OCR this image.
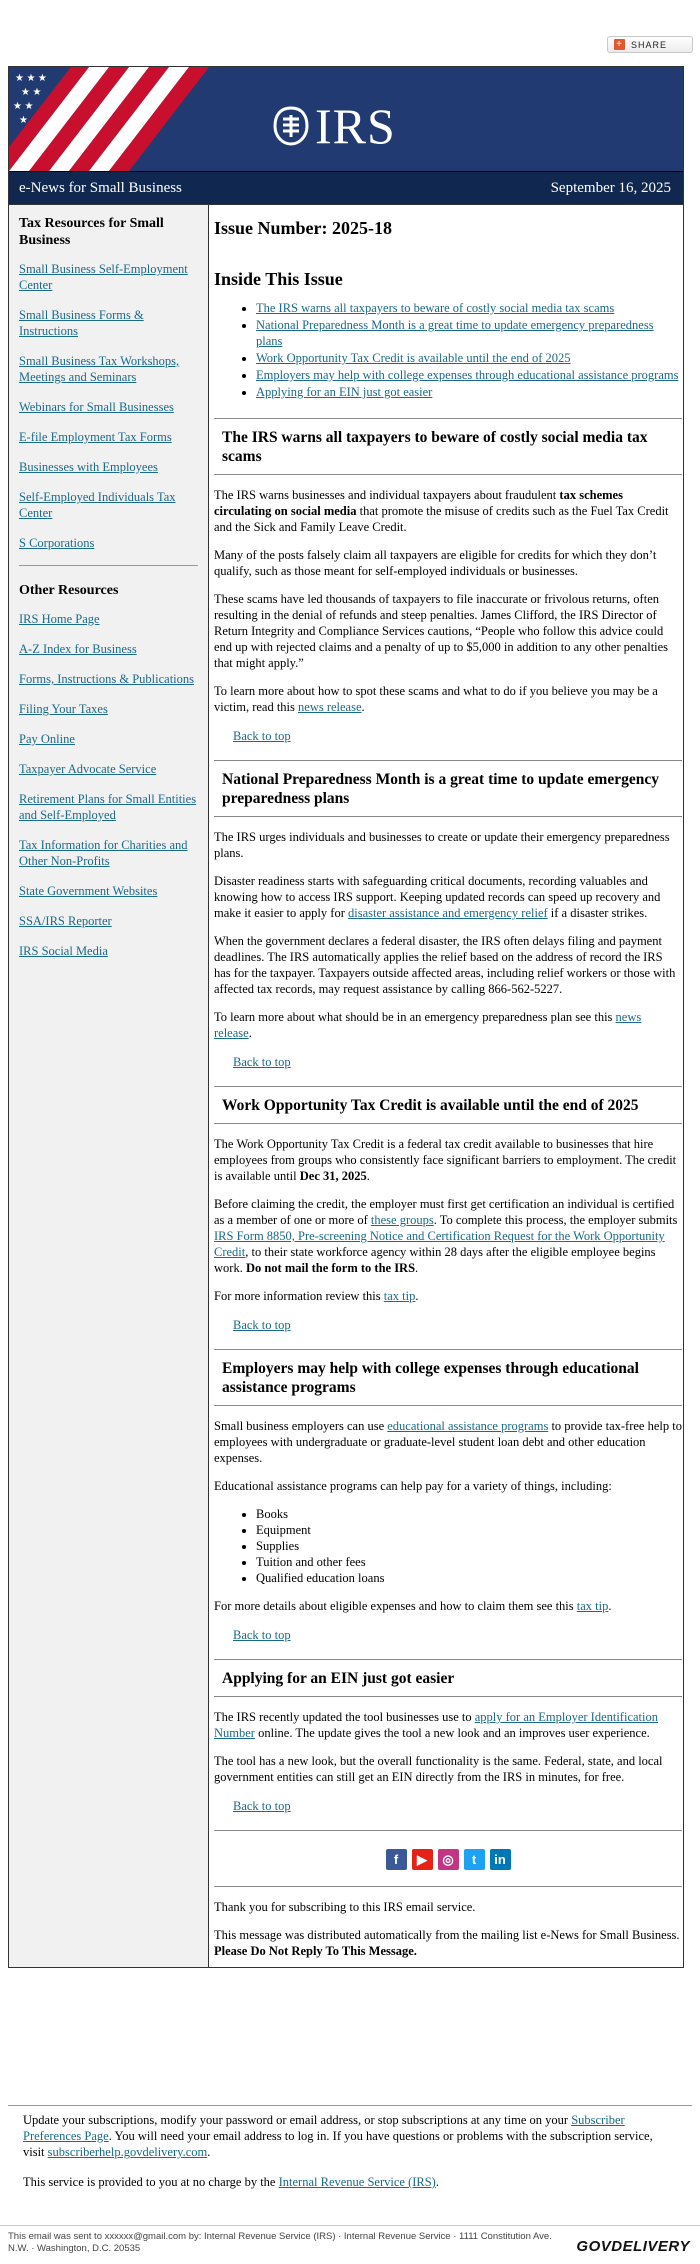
+ SHARE
★ ★ ★
★ ★
★ ★
★	IRS
e-News for Small Business	September 16, 2025
Tax Resources for Small Business
Small Business Self-Employment Center
Small Business Forms & Instructions
Small Business Tax Workshops, Meetings and Seminars
Webinars for Small Businesses
E-file Employment Tax Forms
Businesses with Employees
Self-Employed Individuals Tax Center
S Corporations
Other Resources
IRS Home Page
A-Z Index for Business
Forms, Instructions & Publications
Filing Your Taxes
Pay Online
Taxpayer Advocate Service
Retirement Plans for Small Entities and Self-Employed
Tax Information for Charities and Other Non-Profits
State Government Websites
SSA/IRS Reporter
IRS Social Media
Issue Number: 2025-18
Inside This Issue
• The IRS warns all taxpayers to beware of costly social media tax scams
• National Preparedness Month is a great time to update emergency preparedness plans
• Work Opportunity Tax Credit is available until the end of 2025
• Employers may help with college expenses through educational assistance programs
• Applying for an EIN just got easier
The IRS warns all taxpayers to beware of costly social media tax scams

The IRS warns businesses and individual taxpayers about fraudulent tax schemes circulating on social media that promote the misuse of credits such as the Fuel Tax Credit and the Sick and Family Leave Credit.

Many of the posts falsely claim all taxpayers are eligible for credits for which they don’t qualify, such as those meant for self-employed individuals or businesses.

These scams have led thousands of taxpayers to file inaccurate or frivolous returns, often resulting in the denial of refunds and steep penalties. James Clifford, the IRS Director of Return Integrity and Compliance Services cautions, “People who follow this advice could end up with rejected claims and a penalty of up to $5,000 in addition to any other penalties that might apply.”

To learn more about how to spot these scams and what to do if you believe you may be a victim, read this news release.

Back to top
National Preparedness Month is a great time to update emergency preparedness plans

The IRS urges individuals and businesses to create or update their emergency preparedness plans.

Disaster readiness starts with safeguarding critical documents, recording valuables and knowing how to access IRS support. Keeping updated records can speed up recovery and make it easier to apply for disaster assistance and emergency relief if a disaster strikes.

When the government declares a federal disaster, the IRS often delays filing and payment deadlines. The IRS automatically applies the relief based on the address of record the IRS has for the taxpayer. Taxpayers outside affected areas, including relief workers or those with affected tax records, may request assistance by calling 866-562-5227.

To learn more about what should be in an emergency preparedness plan see this news release.

Back to top
Work Opportunity Tax Credit is available until the end of 2025

The Work Opportunity Tax Credit is a federal tax credit available to businesses that hire employees from groups who consistently face significant barriers to employment. The credit is available until Dec 31, 2025.

Before claiming the credit, the employer must first get certification an individual is certified as a member of one or more of these groups. To complete this process, the employer submits IRS Form 8850, Pre-screening Notice and Certification Request for the Work Opportunity Credit, to their state workforce agency within 28 days after the eligible employee begins work. Do not mail the form to the IRS.

For more information review this tax tip.

Back to top
Employers may help with college expenses through educational assistance programs

Small business employers can use educational assistance programs to provide tax-free help to employees with undergraduate or graduate-level student loan debt and other education expenses.

Educational assistance programs can help pay for a variety of things, including:

• Books
• Equipment
• Supplies
• Tuition and other fees
• Qualified education loans

For more details about eligible expenses and how to claim them see this tax tip.

Back to top
Applying for an EIN just got easier

The IRS recently updated the tool businesses use to apply for an Employer Identification Number online. The update gives the tool a new look and an improves user experience.

The tool has a new look, but the overall functionality is the same. Federal, state, and local government entities can still get an EIN directly from the IRS in minutes, for free.

Back to top
f	▶	◎	t	in

Thank you for subscribing to this IRS email service.

This message was distributed automatically from the mailing list e-News for Small Business. Please Do Not Reply To This Message.

Update your subscriptions, modify your password or email address, or stop subscriptions at any time on your Subscriber Preferences Page. You will need your email address to log in. If you have questions or problems with the subscription service, visit subscriberhelp.govdelivery.com.

This service is provided to you at no charge by the Internal Revenue Service (IRS).

This email was sent to xxxxxx@gmail.com by: Internal Revenue Service (IRS) · Internal Revenue Service · 1111 Constitution Ave. N.W. · Washington, D.C. 20535	GOVDELIVERY
